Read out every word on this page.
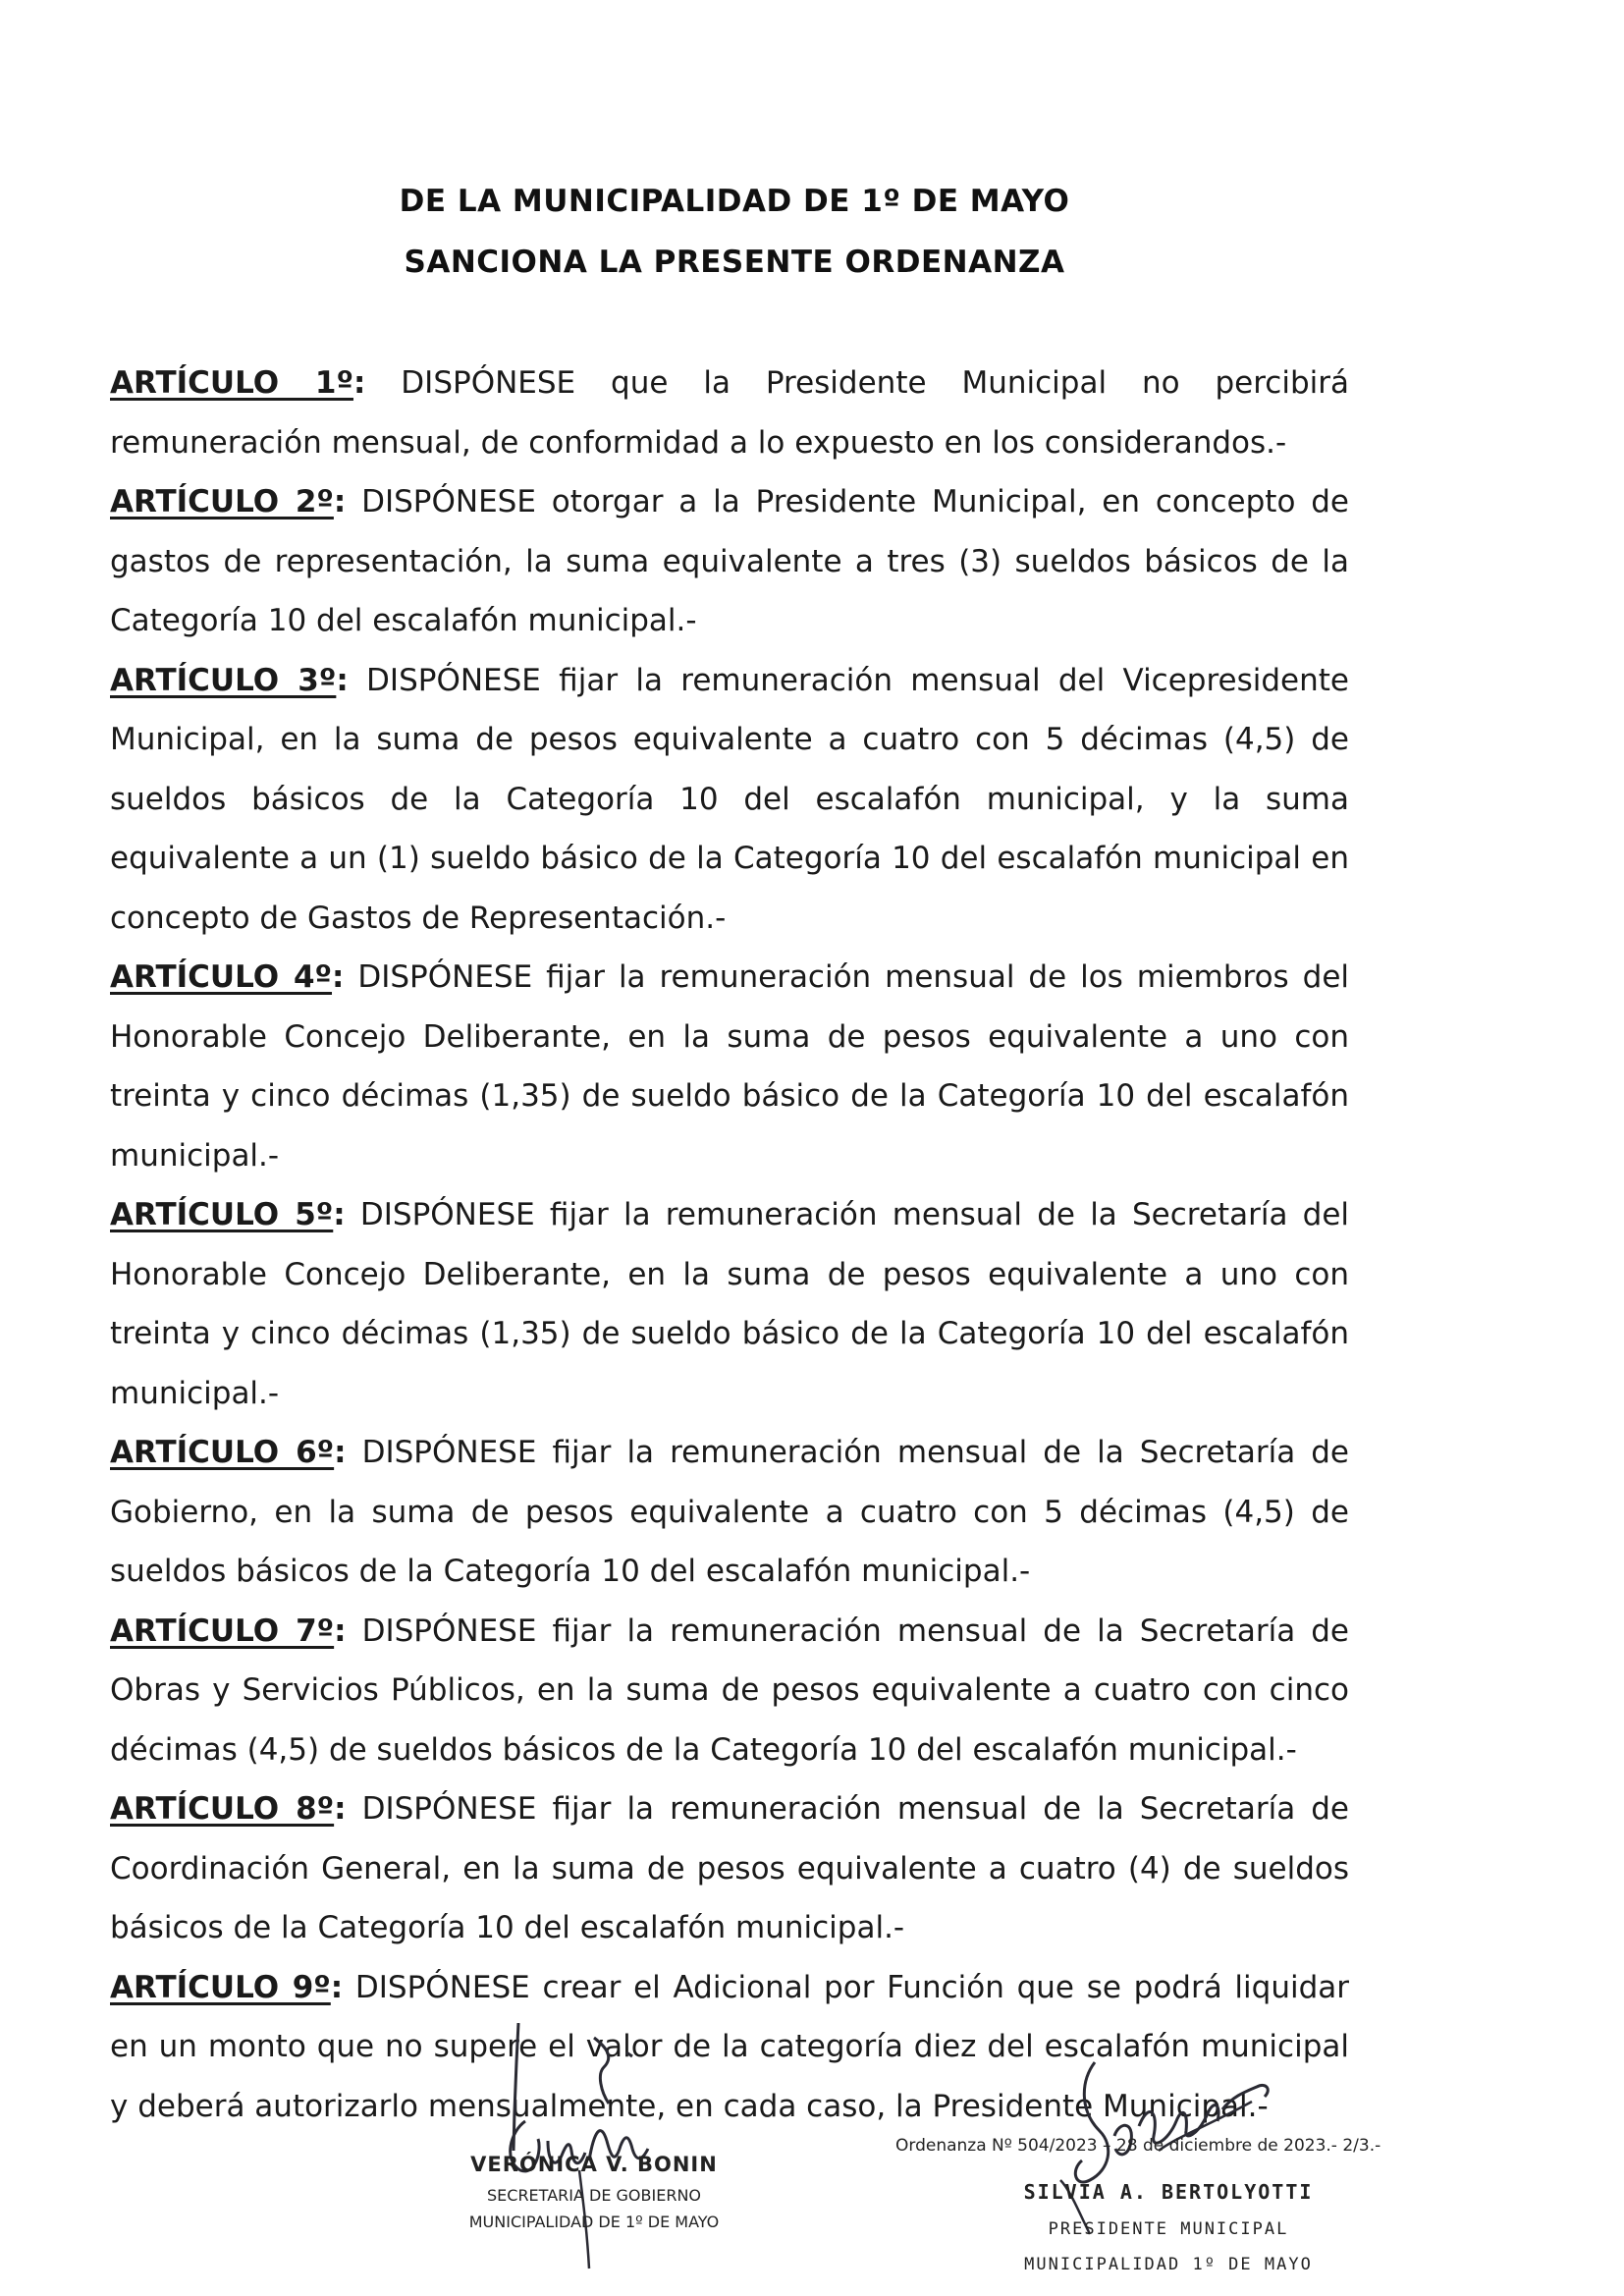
DE LA MUNICIPALIDAD DE 1º DE MAYO
SANCIONA LA PRESENTE ORDENANZA

ARTÍCULO 1º: DISPÓNESE que la Presidente Municipal no percibirá remuneración mensual, de conformidad a lo expuesto en los considerandos.-

ARTÍCULO 2º: DISPÓNESE otorgar a la Presidente Municipal, en concepto de gastos de representación, la suma equivalente a tres (3) sueldos básicos de la Categoría 10 del escalafón municipal.-

ARTÍCULO 3º: DISPÓNESE fijar la remuneración mensual del Vicepresidente Municipal, en la suma de pesos equivalente a cuatro con 5 décimas (4,5) de sueldos básicos de la Categoría 10 del escalafón municipal, y la suma equivalente a un (1) sueldo básico de la Categoría 10 del escalafón municipal en concepto de Gastos de Representación.-

ARTÍCULO 4º: DISPÓNESE fijar la remuneración mensual de los miembros del Honorable Concejo Deliberante, en la suma de pesos equivalente a uno con treinta y cinco décimas (1,35) de sueldo básico de la Categoría 10 del escalafón municipal.-

ARTÍCULO 5º: DISPÓNESE fijar la remuneración mensual de la Secretaría del Honorable Concejo Deliberante, en la suma de pesos equivalente a uno con treinta y cinco décimas (1,35) de sueldo básico de la Categoría 10 del escalafón municipal.-

ARTÍCULO 6º: DISPÓNESE fijar la remuneración mensual de la Secretaría de Gobierno, en la suma de pesos equivalente a cuatro con 5 décimas (4,5) de sueldos básicos de la Categoría 10 del escalafón municipal.-

ARTÍCULO 7º: DISPÓNESE fijar la remuneración mensual de la Secretaría de Obras y Servicios Públicos, en la suma de pesos equivalente a cuatro con cinco décimas (4,5) de sueldos básicos de la Categoría 10 del escalafón municipal.-

ARTÍCULO 8º: DISPÓNESE fijar la remuneración mensual de la Secretaría de Coordinación General, en la suma de pesos equivalente a cuatro (4) de sueldos básicos de la Categoría 10 del escalafón municipal.-

ARTÍCULO 9º: DISPÓNESE crear el Adicional por Función que se podrá liquidar en un monto que no supere el valor de la categoría diez del escalafón municipal y deberá autorizarlo mensualmente, en cada caso, la Presidente Municipal.-

VERÓNICA V. BONIN
SECRETARIA DE GOBIERNO
MUNICIPALIDAD DE 1º DE MAYO
Ordenanza Nº 504/2023 – 28 de diciembre de 2023.- 2/3.-
SILVIA A. BERTOLYOTTI
PRESIDENTE MUNICIPAL
MUNICIPALIDAD 1º DE MAYO
